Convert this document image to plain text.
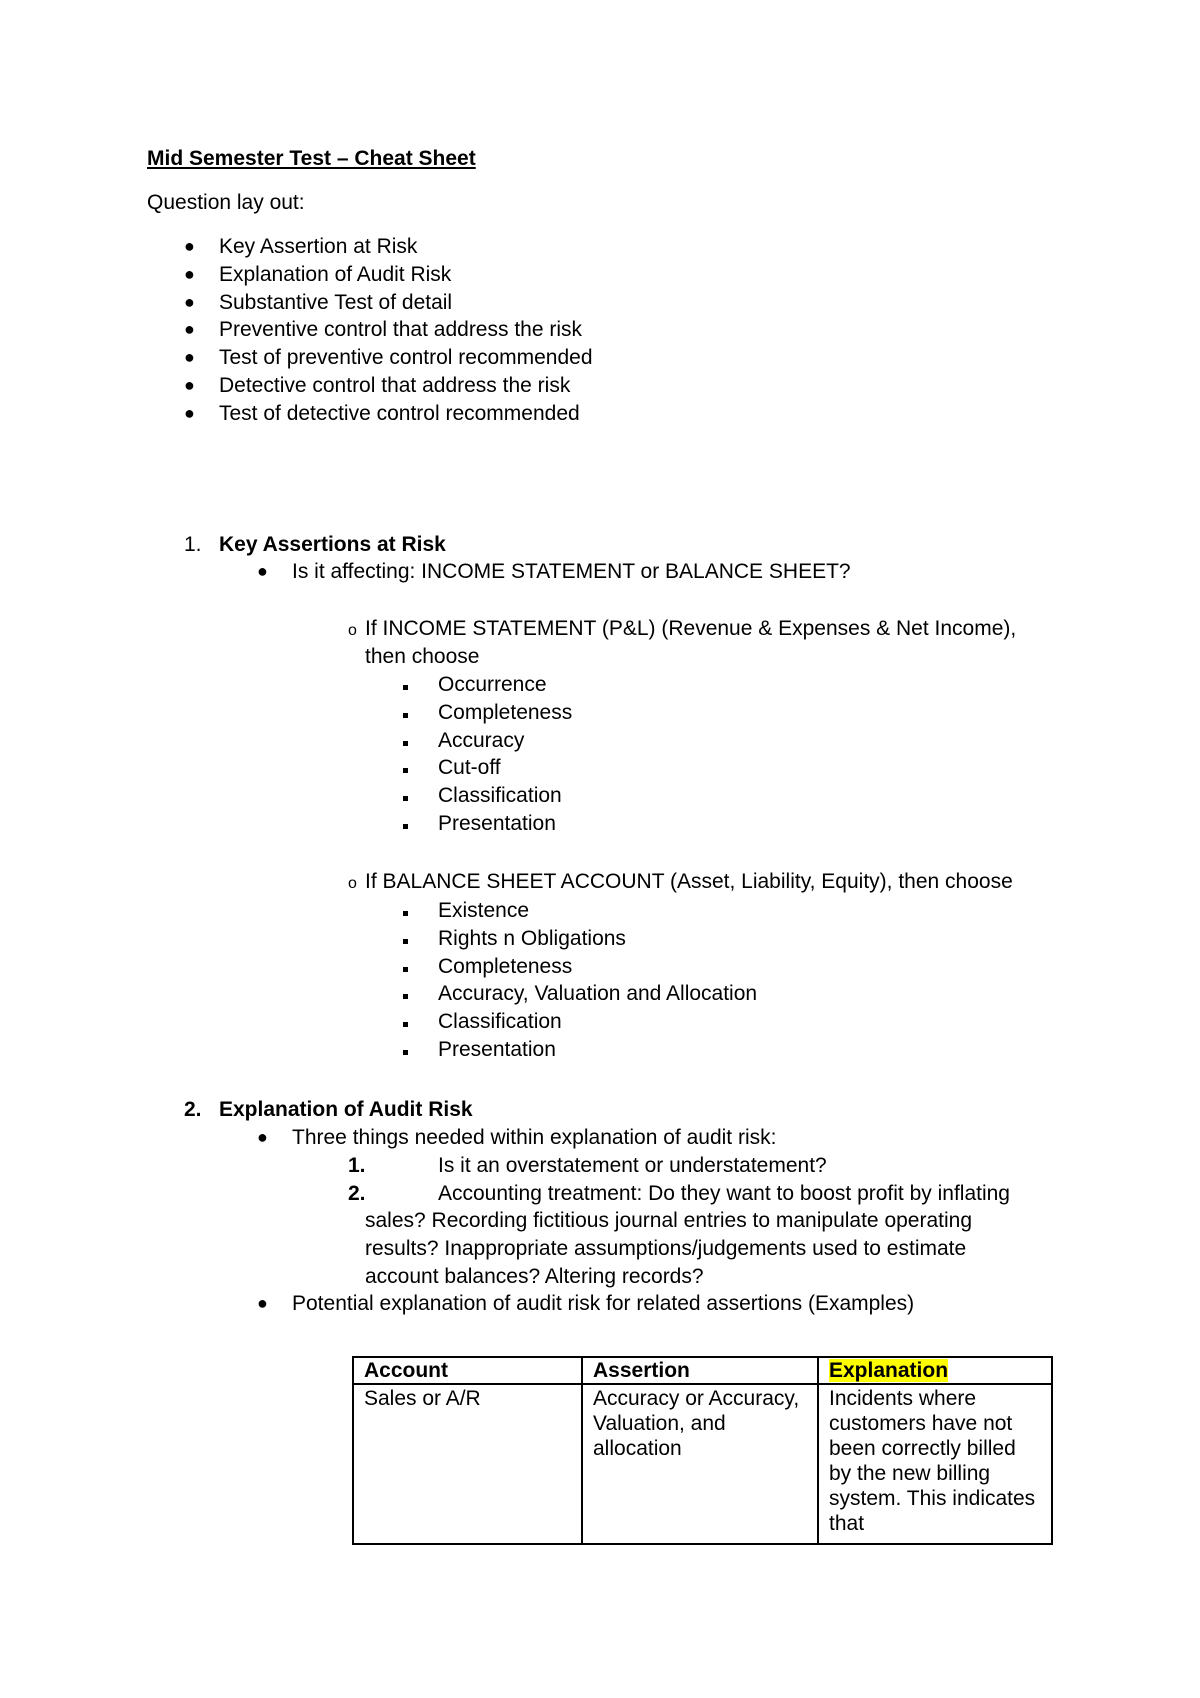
Mid Semester Test – Cheat Sheet
Question lay out:
● Key Assertion at Risk
● Explanation of Audit Risk
● Substantive Test of detail
● Preventive control that address the risk
● Test of preventive control recommended
● Detective control that address the risk
● Test of detective control recommended
1. Key Assertions at Risk
● Is it affecting: INCOME STATEMENT or BALANCE SHEET?
o If INCOME STATEMENT (P&L) (Revenue & Expenses & Net Income),
then choose
Occurrence
Completeness
Accuracy
Cut-off
Classification
Presentation
o If BALANCE SHEET ACCOUNT (Asset, Liability, Equity), then choose
Existence
Rights n Obligations
Completeness
Accuracy, Valuation and Allocation
Classification
Presentation
2. Explanation of Audit Risk
● Three things needed within explanation of audit risk:
1.	Is it an overstatement or understatement?
2.	Accounting treatment: Do they want to boost profit by inflating
sales? Recording fictitious journal entries to manipulate operating
results? Inappropriate assumptions/judgements used to estimate
account balances? Altering records?
● Potential explanation of audit risk for related assertions (Examples)
Account	Assertion	Explanation
Sales or A/R	Accuracy or Accuracy, Valuation, and allocation	Incidents where customers have not been correctly billed by the new billing system. This indicates that
